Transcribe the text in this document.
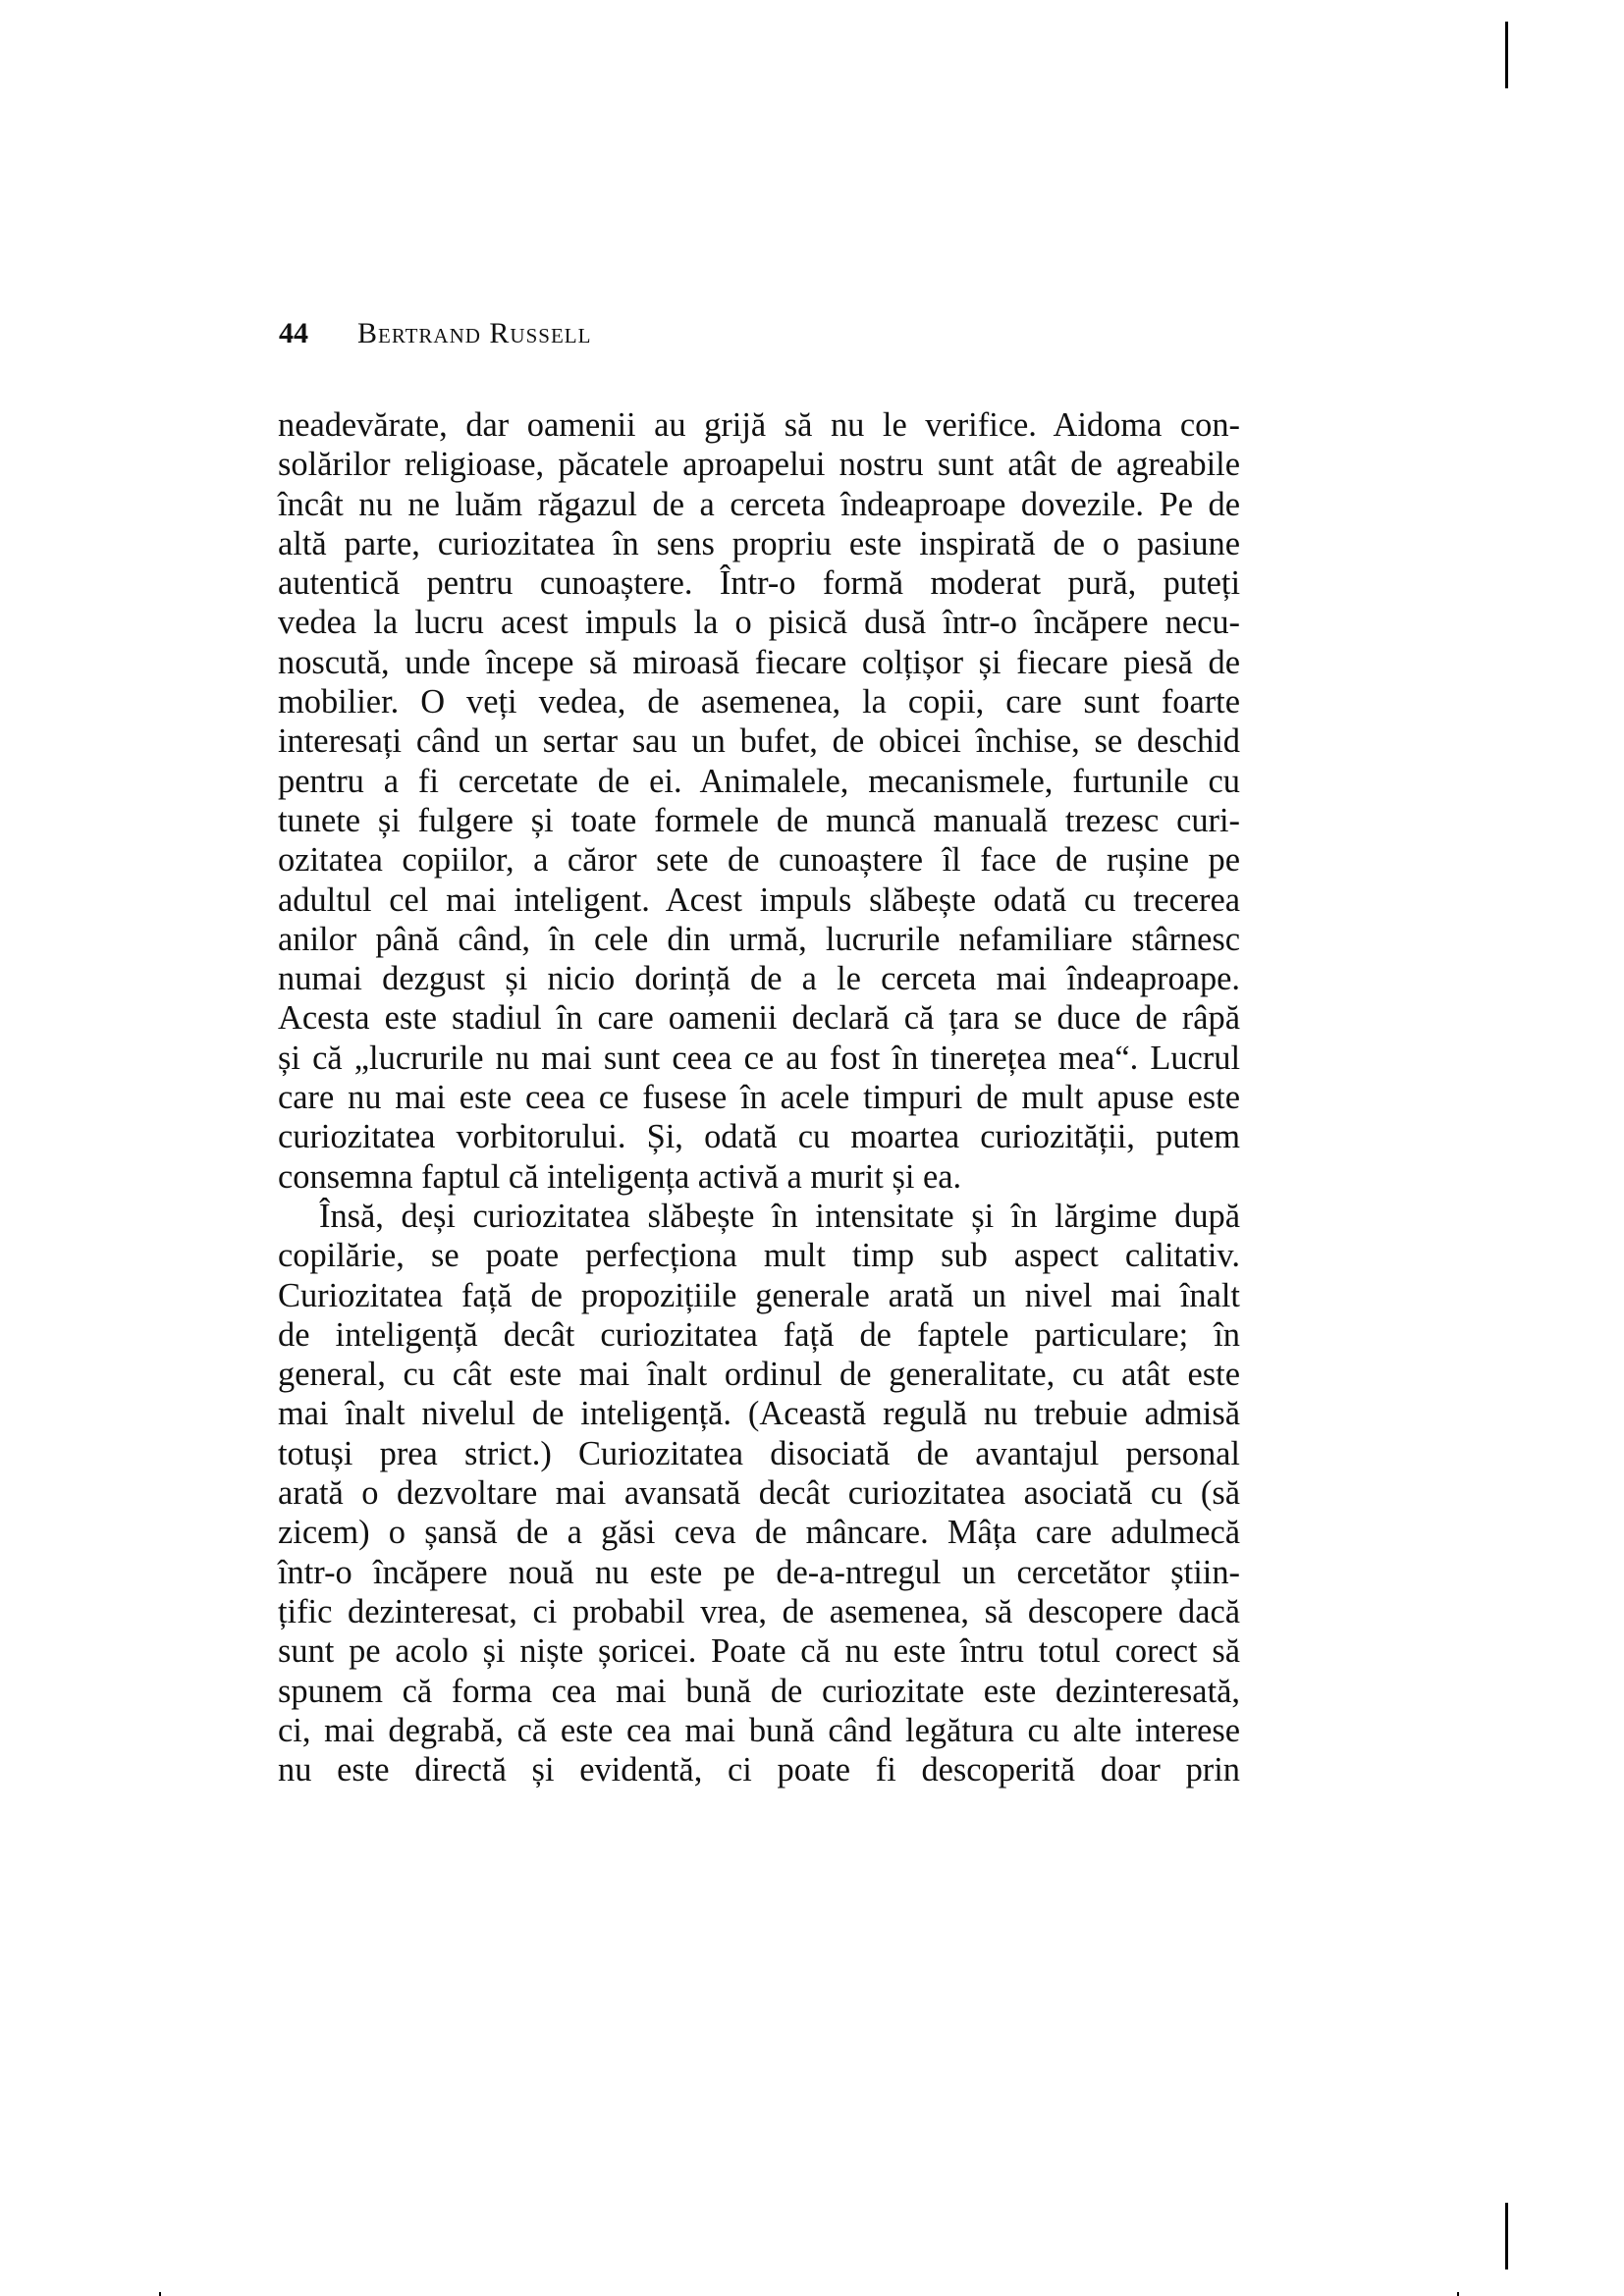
44 Bertrand Russell
neadevărate, dar oamenii au grijă să nu le verifice. Aidoma con-
solărilor religioase, păcatele aproapelui nostru sunt atât de agreabile
încât nu ne luăm răgazul de a cerceta îndeaproape dovezile. Pe de
altă parte, curiozitatea în sens propriu este inspirată de o pasiune
autentică pentru cunoaștere. Într-o formă moderat pură, puteți
vedea la lucru acest impuls la o pisică dusă într-o încăpere necu-
noscută, unde începe să miroasă fiecare colțișor și fiecare piesă de
mobilier. O veți vedea, de asemenea, la copii, care sunt foarte
interesați când un sertar sau un bufet, de obicei închise, se deschid
pentru a fi cercetate de ei. Animalele, mecanismele, furtunile cu
tunete și fulgere și toate formele de muncă manuală trezesc curi-
ozitatea copiilor, a căror sete de cunoaștere îl face de rușine pe
adultul cel mai inteligent. Acest impuls slăbește odată cu trecerea
anilor până când, în cele din urmă, lucrurile nefamiliare stârnesc
numai dezgust și nicio dorință de a le cerceta mai îndeaproape.
Acesta este stadiul în care oamenii declară că țara se duce de râpă
și că „lucrurile nu mai sunt ceea ce au fost în tinerețea mea“. Lucrul
care nu mai este ceea ce fusese în acele timpuri de mult apuse este
curiozitatea vorbitorului. Și, odată cu moartea curiozității, putem
consemna faptul că inteligența activă a murit și ea.
Însă, deși curiozitatea slăbește în intensitate și în lărgime după
copilărie, se poate perfecționa mult timp sub aspect calitativ.
Curiozitatea față de propozițiile generale arată un nivel mai înalt
de inteligență decât curiozitatea față de faptele particulare; în
general, cu cât este mai înalt ordinul de generalitate, cu atât este
mai înalt nivelul de inteligență. (Această regulă nu trebuie admisă
totuși prea strict.) Curiozitatea disociată de avantajul personal
arată o dezvoltare mai avansată decât curiozitatea asociată cu (să
zicem) o șansă de a găsi ceva de mâncare. Mâța care adulmecă
într-o încăpere nouă nu este pe de-a-ntregul un cercetător știin-
țific dezinteresat, ci probabil vrea, de asemenea, să descopere dacă
sunt pe acolo și niște șoricei. Poate că nu este întru totul corect să
spunem că forma cea mai bună de curiozitate este dezinteresată,
ci, mai degrabă, că este cea mai bună când legătura cu alte interese
nu este directă și evidentă, ci poate fi descoperită doar prin
